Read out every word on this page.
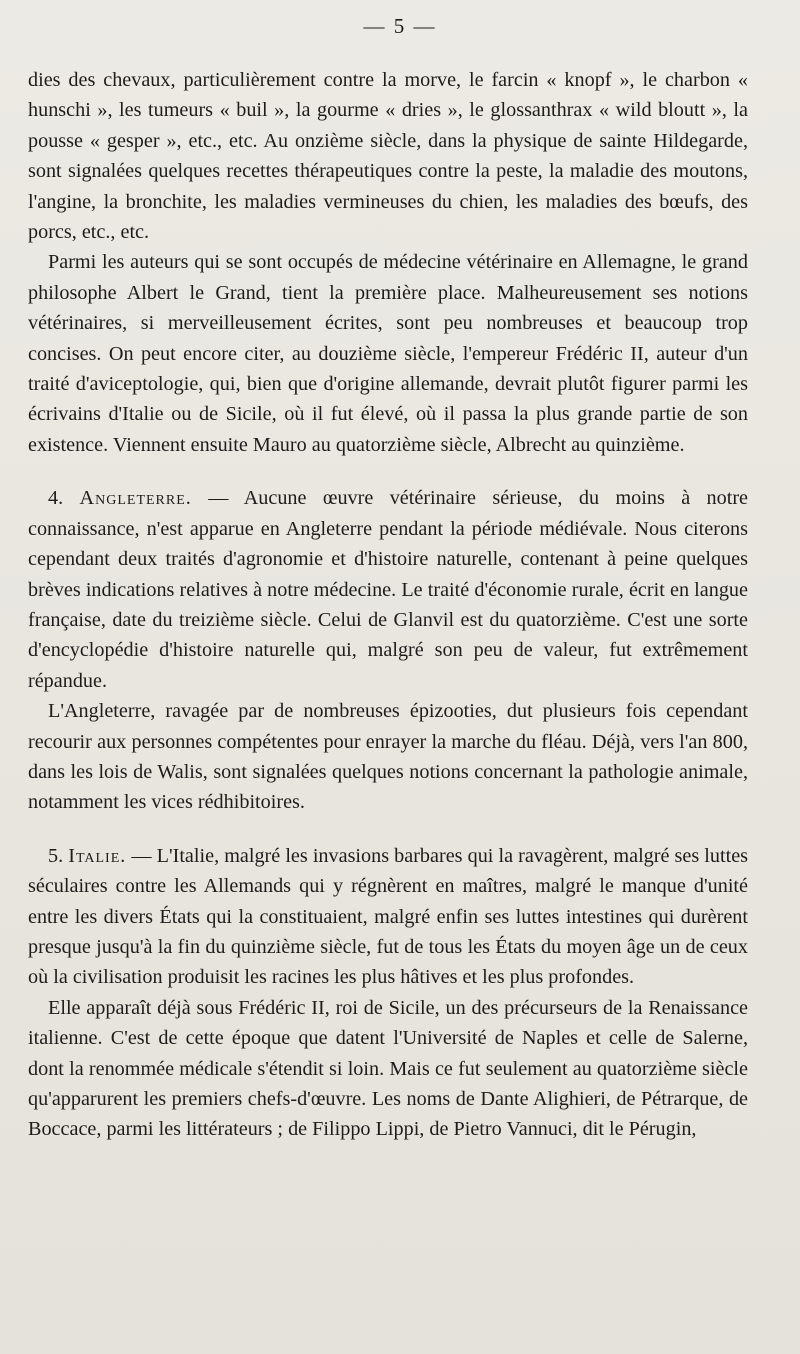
— 5 —

dies des chevaux, particulièrement contre la morve, le farcin « knopf », le charbon « hunschi », les tumeurs « buil », la gourme « dries », le glossanthrax « wild bloutt », la pousse « gesper », etc., etc. Au onzième siècle, dans la physique de sainte Hildegarde, sont signalées quelques recettes thérapeutiques contre la peste, la maladie des moutons, l'angine, la bronchite, les maladies vermineuses du chien, les maladies des bœufs, des porcs, etc., etc.

Parmi les auteurs qui se sont occupés de médecine vétérinaire en Allemagne, le grand philosophe Albert le Grand, tient la première place. Malheureusement ses notions vétérinaires, si merveilleusement écrites, sont peu nombreuses et beaucoup trop concises. On peut encore citer, au douzième siècle, l'empereur Frédéric II, auteur d'un traité d'aviceptologie, qui, bien que d'origine allemande, devrait plutôt figurer parmi les écrivains d'Italie ou de Sicile, où il fut élevé, où il passa la plus grande partie de son existence. Viennent ensuite Mauro au quatorzième siècle, Albrecht au quinzième.

4. Angleterre. — Aucune œuvre vétérinaire sérieuse, du moins à notre connaissance, n'est apparue en Angleterre pendant la période médiévale. Nous citerons cependant deux traités d'agronomie et d'histoire naturelle, contenant à peine quelques brèves indications relatives à notre médecine. Le traité d'économie rurale, écrit en langue française, date du treizième siècle. Celui de Glanvil est du quatorzième. C'est une sorte d'encyclopédie d'histoire naturelle qui, malgré son peu de valeur, fut extrêmement répandue.

L'Angleterre, ravagée par de nombreuses épizooties, dut plusieurs fois cependant recourir aux personnes compétentes pour enrayer la marche du fléau. Déjà, vers l'an 800, dans les lois de Walis, sont signalées quelques notions concernant la pathologie animale, notamment les vices rédhibitoires.

5. Italie. — L'Italie, malgré les invasions barbares qui la ravagèrent, malgré ses luttes séculaires contre les Allemands qui y régnèrent en maîtres, malgré le manque d'unité entre les divers États qui la constituaient, malgré enfin ses luttes intestines qui durèrent presque jusqu'à la fin du quinzième siècle, fut de tous les États du moyen âge un de ceux où la civilisation produisit les racines les plus hâtives et les plus profondes.

Elle apparaît déjà sous Frédéric II, roi de Sicile, un des précurseurs de la Renaissance italienne. C'est de cette époque que datent l'Université de Naples et celle de Salerne, dont la renommée médicale s'étendit si loin. Mais ce fut seulement au quatorzième siècle qu'apparurent les premiers chefs-d'œuvre. Les noms de Dante Alighieri, de Pétrarque, de Boccace, parmi les littérateurs ; de Filippo Lippi, de Pietro Vannuci, dit le Pérugin,
